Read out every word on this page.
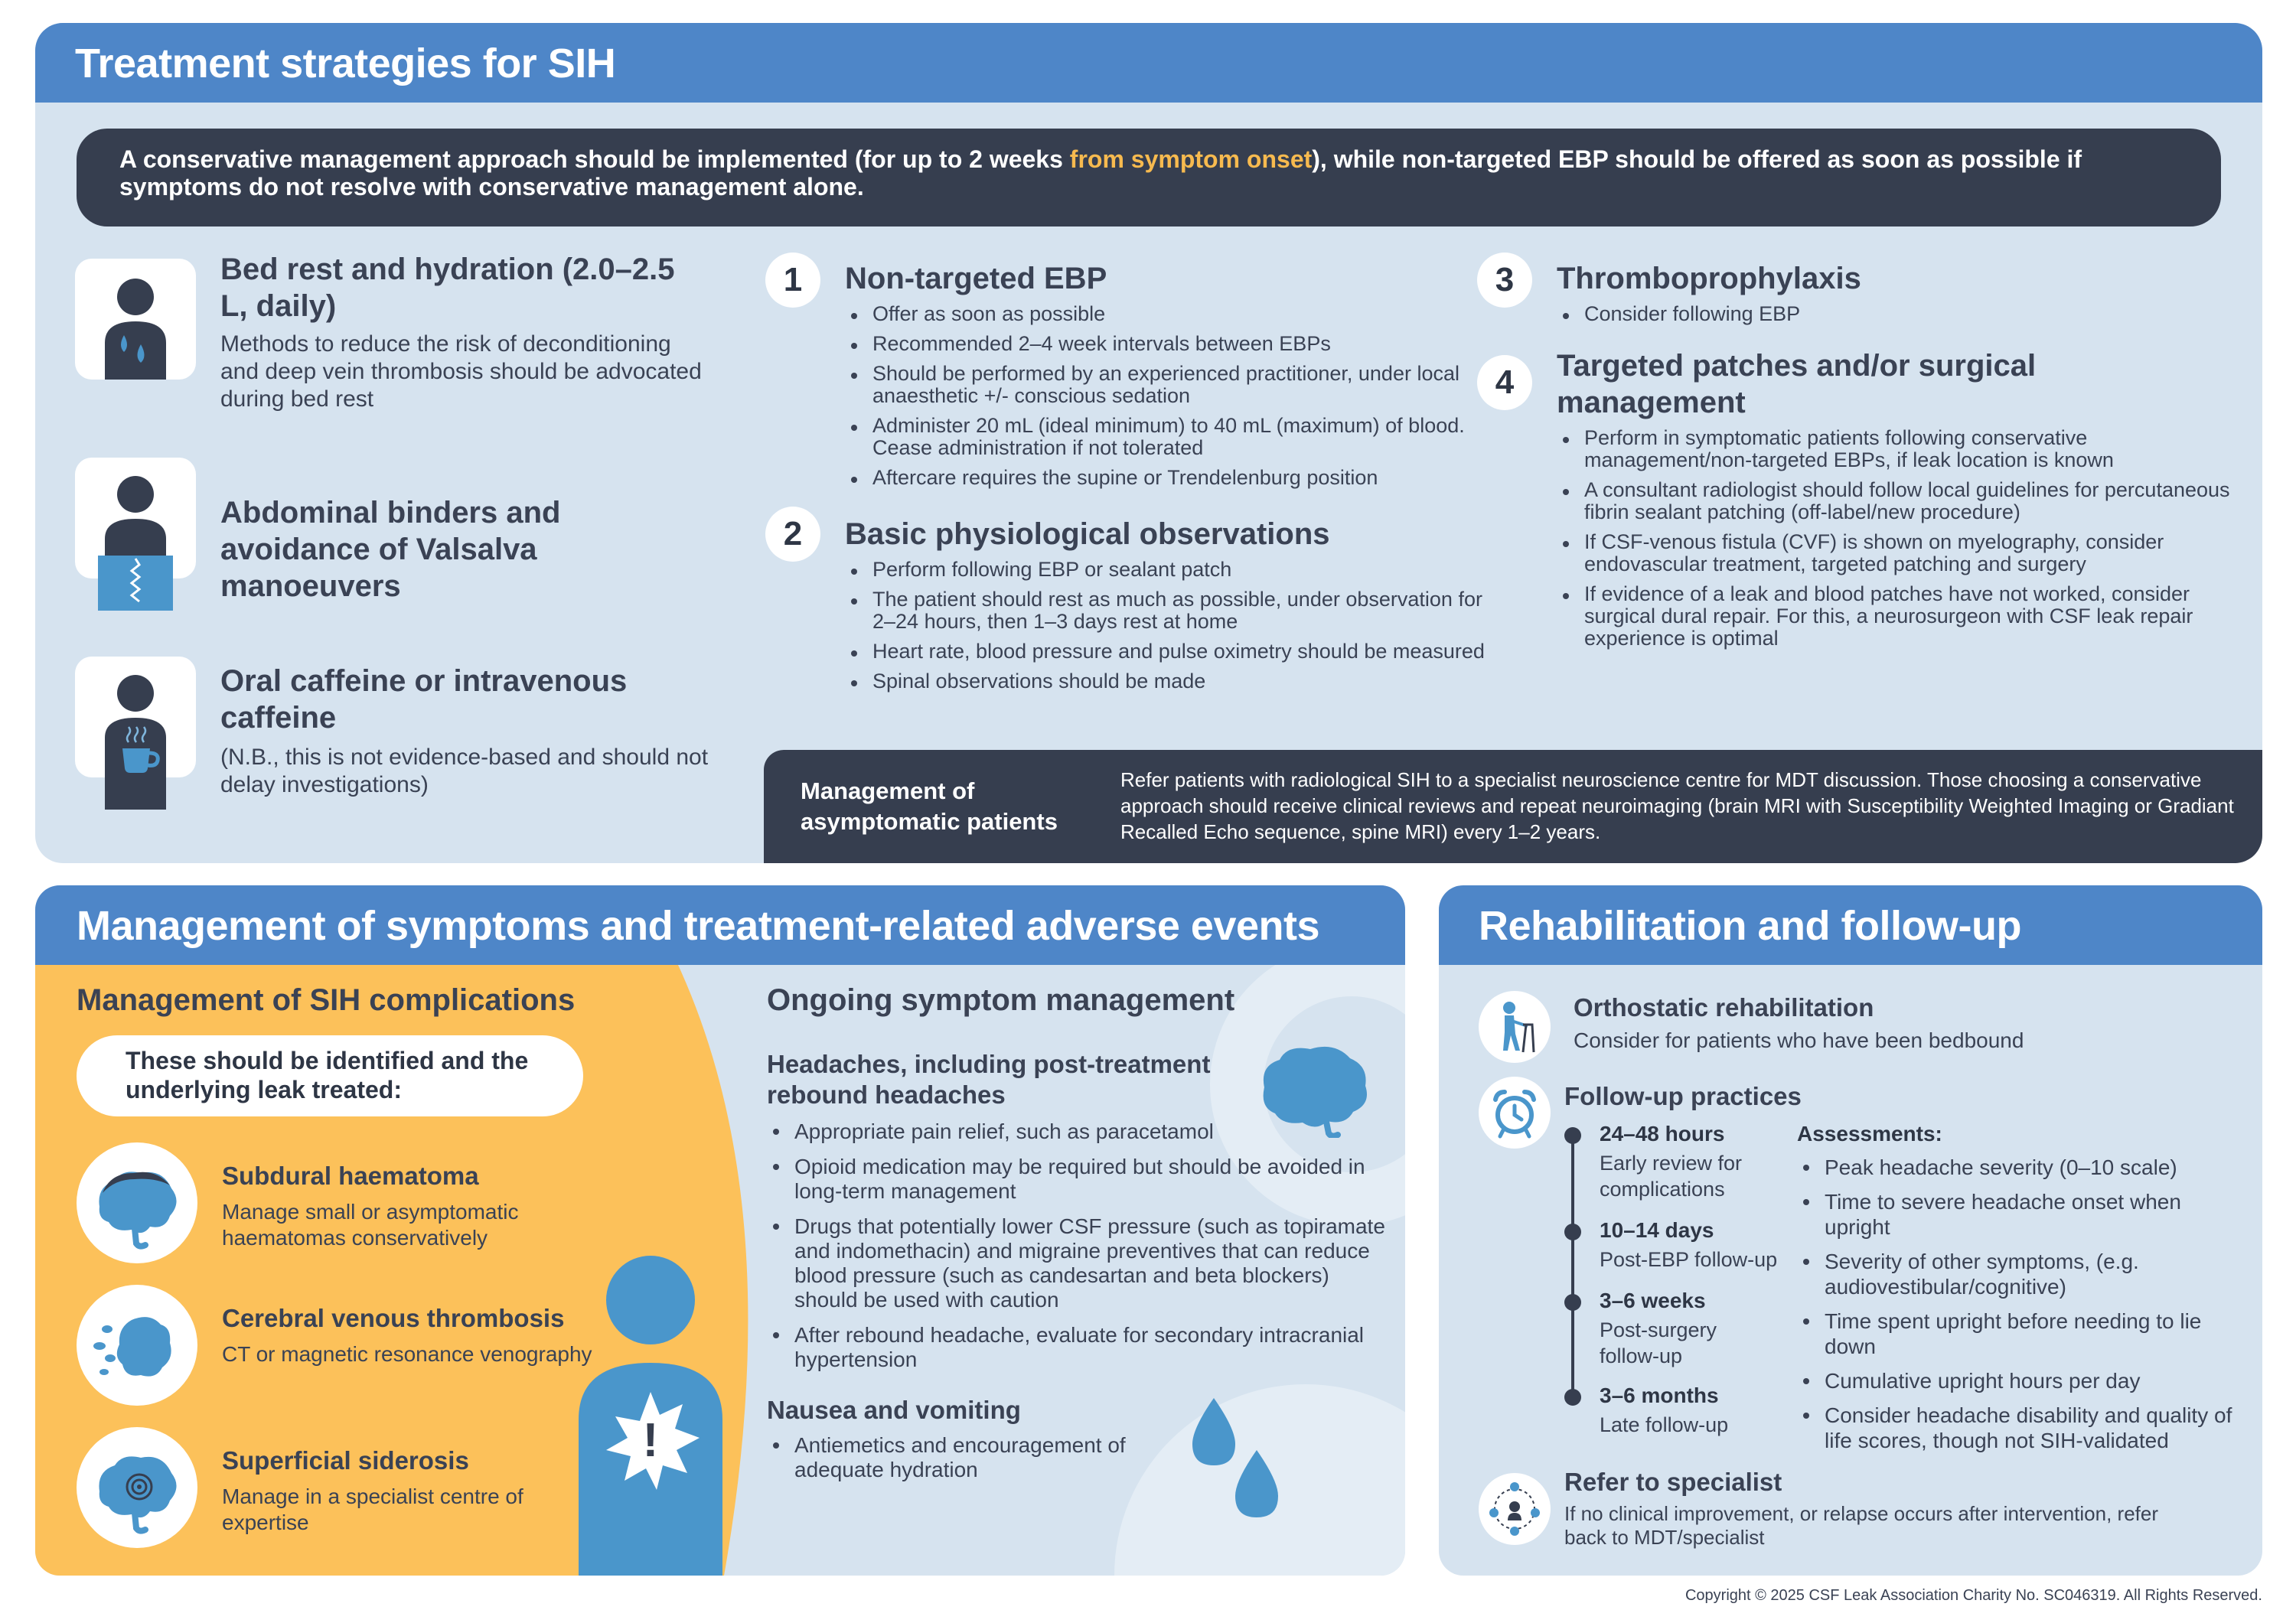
Treatment strategies for SIH
A conservative management approach should be implemented (for up to 2 weeks from symptom onset), while non-targeted EBP should be offered as soon as possible if symptoms do not resolve with conservative management alone.
Bed rest and hydration (2.0–2.5 L, daily)
Methods to reduce the risk of deconditioning and deep vein thrombosis should be advocated during bed rest
Abdominal binders and avoidance of Valsalva manoeuvers
Oral caffeine or intravenous caffeine
(N.B., this is not evidence-based and should not delay investigations)
1	Non-targeted EBP
Offer as soon as possible
Recommended 2–4 week intervals between EBPs
Should be performed by an experienced practitioner, under local anaesthetic +/- conscious sedation
Administer 20 mL (ideal minimum) to 40 mL (maximum) of blood. Cease administration if not tolerated
Aftercare requires the supine or Trendelenburg position
2	Basic physiological observations
Perform following EBP or sealant patch
The patient should rest as much as possible, under observation for 2–24 hours, then 1–3 days rest at home
Heart rate, blood pressure and pulse oximetry should be measured
Spinal observations should be made
3	Thromboprophylaxis
Consider following EBP
4	Targeted patches and/or surgical management
Perform in symptomatic patients following conservative management/non-targeted EBPs, if leak location is known
A consultant radiologist should follow local guidelines for percutaneous fibrin sealant patching (off-label/new procedure)
If CSF-venous fistula (CVF) is shown on myelography, consider endovascular treatment, targeted patching and surgery
If evidence of a leak and blood patches have not worked, consider surgical dural repair. For this, a neurosurgeon with CSF leak repair experience is optimal
Management of asymptomatic patients
Refer patients with radiological SIH to a specialist neuroscience centre for MDT discussion. Those choosing a conservative approach should receive clinical reviews and repeat neuroimaging (brain MRI with Susceptibility Weighted Imaging or Gradiant Recalled Echo sequence, spine MRI) every 1–2 years.
Management of symptoms and treatment-related adverse events
Management of SIH complications
These should be identified and the underlying leak treated:
Subdural haematoma
Manage small or asymptomatic haematomas conservatively
Cerebral venous thrombosis
CT or magnetic resonance venography
Superficial siderosis
Manage in a specialist centre of expertise
!
Ongoing symptom management
Headaches, including post-treatment rebound headaches
Appropriate pain relief, such as paracetamol
Opioid medication may be required but should be avoided in long-term management
Drugs that potentially lower CSF pressure (such as topiramate and indomethacin) and migraine preventives that can reduce blood pressure (such as candesartan and beta blockers) should be used with caution
After rebound headache, evaluate for secondary intracranial hypertension
Nausea and vomiting
Antiemetics and encouragement of adequate hydration
Rehabilitation and follow-up
Orthostatic rehabilitation
Consider for patients who have been bedbound
Follow-up practices
24–48 hours
Early review for complications
10–14 days
Post-EBP follow-up
3–6 weeks
Post-surgery follow-up
3–6 months
Late follow-up
Assessments:
Peak headache severity (0–10 scale)
Time to severe headache onset when upright
Severity of other symptoms, (e.g. audiovestibular/cognitive)
Time spent upright before needing to lie down
Cumulative upright hours per day
Consider headache disability and quality of life scores, though not SIH-validated
Refer to specialist
If no clinical improvement, or relapse occurs after intervention, refer back to MDT/specialist
Copyright © 2025 CSF Leak Association Charity No. SC046319. All Rights Reserved.
